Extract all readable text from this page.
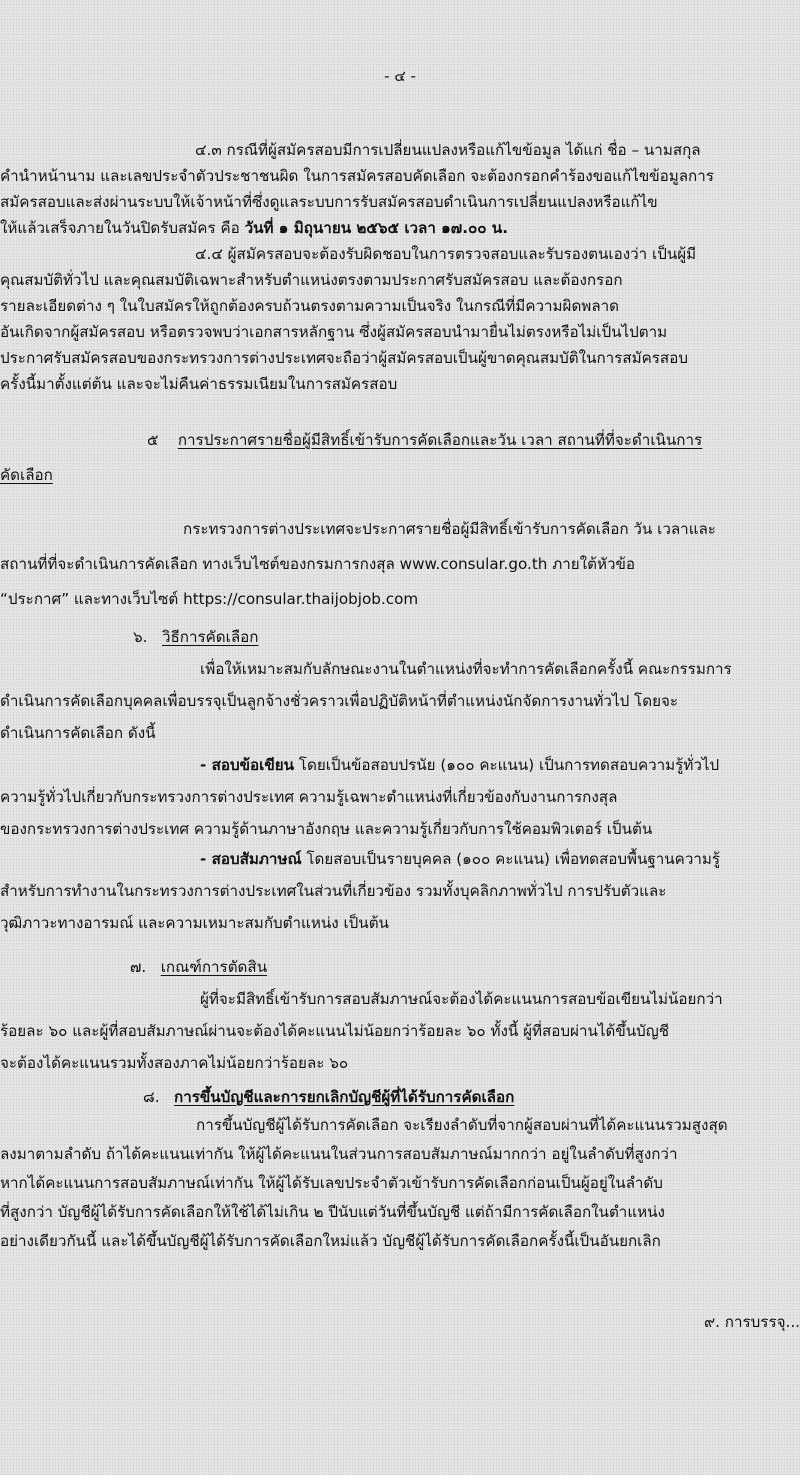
- ๔ -
๔.๓ กรณีที่ผู้สมัครสอบมีการเปลี่ยนแปลงหรือแก้ไขข้อมูล ได้แก่ ชื่อ – นามสกุล
คำนำหน้านาม และเลขประจำตัวประชาชนผิด ในการสมัครสอบคัดเลือก จะต้องกรอกคำร้องขอแก้ไขข้อมูลการ
สมัครสอบและส่งผ่านระบบให้เจ้าหน้าที่ซึ่งดูแลระบบการรับสมัครสอบดำเนินการเปลี่ยนแปลงหรือแก้ไข
ให้แล้วเสร็จภายในวันปิดรับสมัคร คือ วันที่ ๑ มิถุนายน ๒๕๖๕ เวลา ๑๗.๐๐ น.
๔.๔ ผู้สมัครสอบจะต้องรับผิดชอบในการตรวจสอบและรับรองตนเองว่า เป็นผู้มี
คุณสมบัติทั่วไป และคุณสมบัติเฉพาะสำหรับตำแหน่งตรงตามประกาศรับสมัครสอบ และต้องกรอก
รายละเอียดต่าง ๆ ในใบสมัครให้ถูกต้องครบถ้วนตรงตามความเป็นจริง ในกรณีที่มีความผิดพลาด
อันเกิดจากผู้สมัครสอบ หรือตรวจพบว่าเอกสารหลักฐาน ซึ่งผู้สมัครสอบนำมายื่นไม่ตรงหรือไม่เป็นไปตาม
ประกาศรับสมัครสอบของกระทรวงการต่างประเทศจะถือว่าผู้สมัครสอบเป็นผู้ขาดคุณสมบัติในการสมัครสอบ
ครั้งนี้มาตั้งแต่ต้น และจะไม่คืนค่าธรรมเนียมในการสมัครสอบ
๕ การประกาศรายชื่อผู้มีสิทธิ์เข้ารับการคัดเลือกและวัน เวลา สถานที่ที่จะดำเนินการ
คัดเลือก
กระทรวงการต่างประเทศจะประกาศรายชื่อผู้มีสิทธิ์เข้ารับการคัดเลือก วัน เวลาและ
สถานที่ที่จะดำเนินการคัดเลือก ทางเว็บไซต์ของกรมการกงสุล www.consular.go.th ภายใต้หัวข้อ
“ประกาศ” และทางเว็บไซต์ https://consular.thaijobjob.com
๖. วิธีการคัดเลือก
เพื่อให้เหมาะสมกับลักษณะงานในตำแหน่งที่จะทำการคัดเลือกครั้งนี้ คณะกรรมการ
ดำเนินการคัดเลือกบุคคลเพื่อบรรจุเป็นลูกจ้างชั่วคราวเพื่อปฏิบัติหน้าที่ตำแหน่งนักจัดการงานทั่วไป โดยจะ
ดำเนินการคัดเลือก ดังนี้
- สอบข้อเขียน โดยเป็นข้อสอบปรนัย (๑๐๐ คะแนน) เป็นการทดสอบความรู้ทั่วไป
ความรู้ทั่วไปเกี่ยวกับกระทรวงการต่างประเทศ ความรู้เฉพาะตำแหน่งที่เกี่ยวข้องกับงานการกงสุล
ของกระทรวงการต่างประเทศ ความรู้ด้านภาษาอังกฤษ และความรู้เกี่ยวกับการใช้คอมพิวเตอร์ เป็นต้น
- สอบสัมภาษณ์ โดยสอบเป็นรายบุคคล (๑๐๐ คะแนน) เพื่อทดสอบพื้นฐานความรู้
สำหรับการทำงานในกระทรวงการต่างประเทศในส่วนที่เกี่ยวข้อง รวมทั้งบุคลิกภาพทั่วไป การปรับตัวและ
วุฒิภาวะทางอารมณ์ และความเหมาะสมกับตำแหน่ง เป็นต้น
๗. เกณฑ์การตัดสิน
ผู้ที่จะมีสิทธิ์เข้ารับการสอบสัมภาษณ์จะต้องได้คะแนนการสอบข้อเขียนไม่น้อยกว่า
ร้อยละ ๖๐ และผู้ที่สอบสัมภาษณ์ผ่านจะต้องได้คะแนนไม่น้อยกว่าร้อยละ ๖๐ ทั้งนี้ ผู้ที่สอบผ่านได้ขึ้นบัญชี
จะต้องได้คะแนนรวมทั้งสองภาคไม่น้อยกว่าร้อยละ ๖๐
๘. การขึ้นบัญชีและการยกเลิกบัญชีผู้ที่ได้รับการคัดเลือก
การขึ้นบัญชีผู้ได้รับการคัดเลือก จะเรียงลำดับที่จากผู้สอบผ่านที่ได้คะแนนรวมสูงสุด
ลงมาตามลำดับ ถ้าได้คะแนนเท่ากัน ให้ผู้ได้คะแนนในส่วนการสอบสัมภาษณ์มากกว่า อยู่ในลำดับที่สูงกว่า
หากได้คะแนนการสอบสัมภาษณ์เท่ากัน ให้ผู้ได้รับเลขประจำตัวเข้ารับการคัดเลือกก่อนเป็นผู้อยู่ในลำดับ
ที่สูงกว่า บัญชีผู้ได้รับการคัดเลือกให้ใช้ได้ไม่เกิน ๒ ปีนับแต่วันที่ขึ้นบัญชี แต่ถ้ามีการคัดเลือกในตำแหน่ง
อย่างเดียวกันนี้ และได้ขึ้นบัญชีผู้ได้รับการคัดเลือกใหม่แล้ว บัญชีผู้ได้รับการคัดเลือกครั้งนี้เป็นอันยกเลิก
๙. การบรรจุ...
